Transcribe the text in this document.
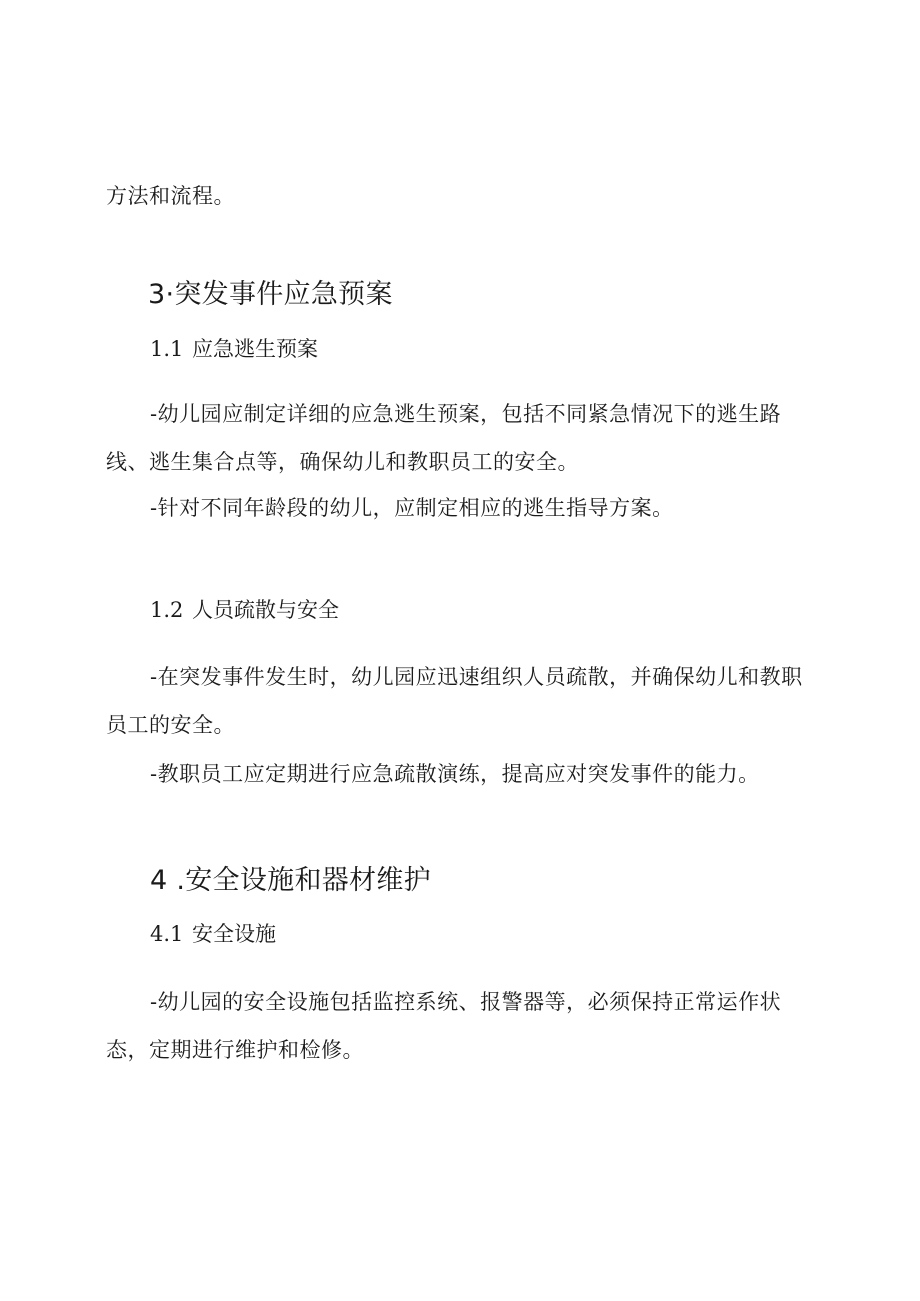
方法和流程。
3·突发事件应急预案
1.1 应急逃生预案
-幼儿园应制定详细的应急逃生预案，包括不同紧急情况下的逃生路
线、逃生集合点等，确保幼儿和教职员工的安全。
-针对不同年龄段的幼儿，应制定相应的逃生指导方案。
1.2 人员疏散与安全
-在突发事件发生时，幼儿园应迅速组织人员疏散，并确保幼儿和教职
员工的安全。
-教职员工应定期进行应急疏散演练，提高应对突发事件的能力。
4 .安全设施和器材维护
4.1 安全设施
-幼儿园的安全设施包括监控系统、报警器等，必须保持正常运作状
态，定期进行维护和检修。
